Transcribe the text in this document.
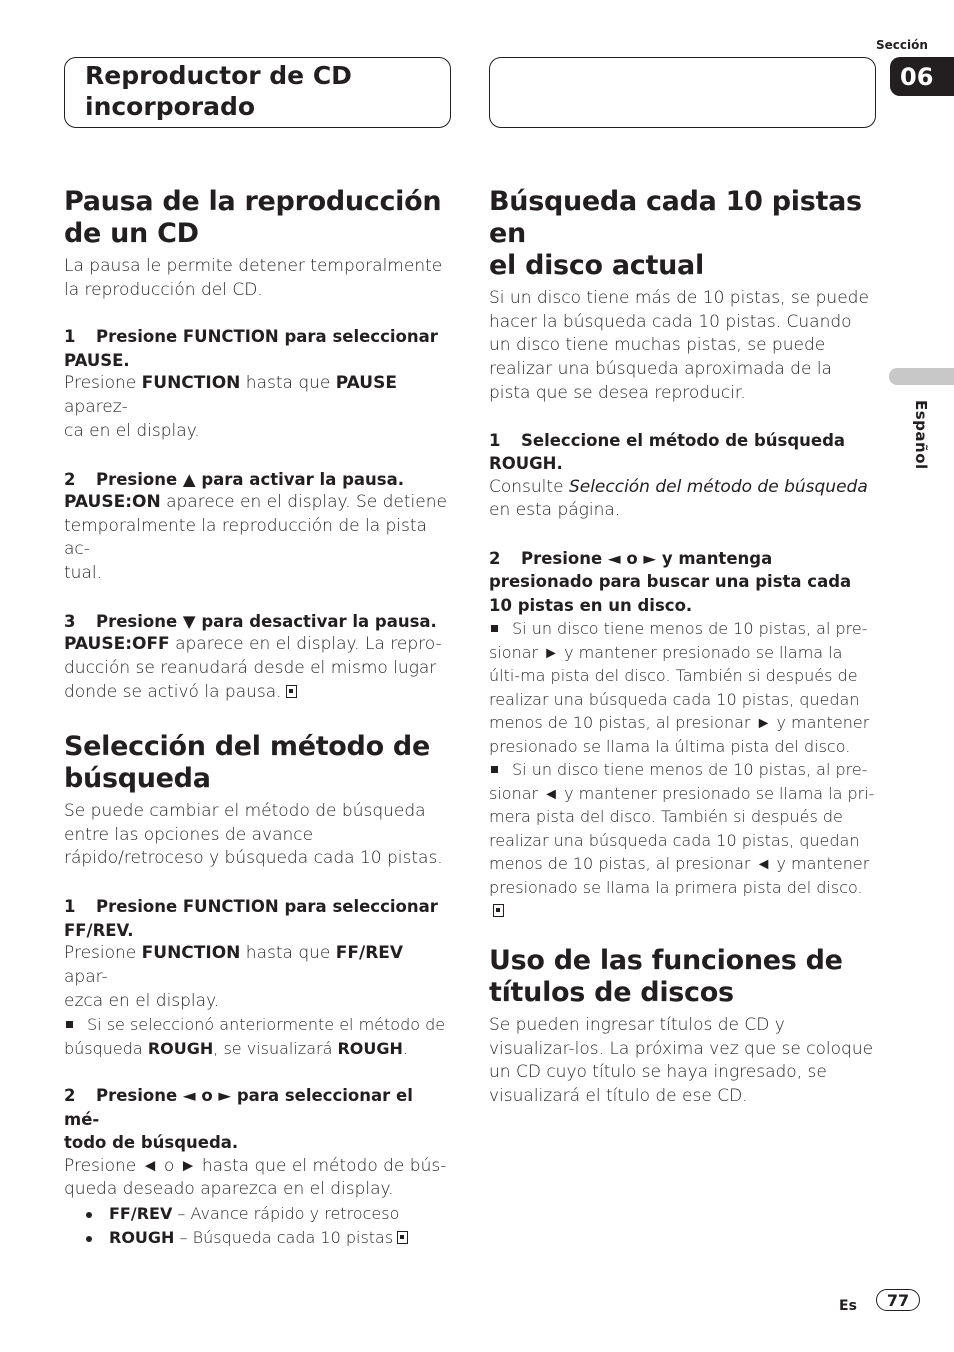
Sección
06
Reproductor de CD
incorporado
Español
Pausa de la reproducción
de un CD

La pausa le permite detener temporalmente la reproducción del CD.

1 Presione FUNCTION para seleccionar
PAUSE.

Presione FUNCTION hasta que PAUSE aparez-
ca en el display.

2 Presione ▲ para activar la pausa.

PAUSE:ON aparece en el display. Se detiene temporalmente la reproducción de la pista ac-
tual.

3 Presione ▼ para desactivar la pausa.

PAUSE:OFF aparece en el display. La repro-
ducción se reanudará desde el mismo lugar donde se activó la pausa.

Selección del método de
búsqueda

Se puede cambiar el método de búsqueda entre las opciones de avance rápido/retroceso y búsqueda cada 10 pistas.

1 Presione FUNCTION para seleccionar
FF/REV.

Presione FUNCTION hasta que FF/REV apar-
ezca en el display.

Si se seleccionó anteriormente el método de búsqueda ROUGH, se visualizará ROUGH.

2 Presione ◄ o ► para seleccionar el mé-
todo de búsqueda.

Presione ◄ o ► hasta que el método de bús-queda deseado aparezca en el display.

FF/REV – Avance rápido y retroceso
ROUGH – Búsqueda cada 10 pistas
Búsqueda cada 10 pistas en
el disco actual

Si un disco tiene más de 10 pistas, se puede hacer la búsqueda cada 10 pistas. Cuando un disco tiene muchas pistas, se puede realizar una búsqueda aproximada de la pista que se desea reproducir.

1 Seleccione el método de búsqueda
ROUGH.

Consulte Selección del método de búsqueda en esta página.

2 Presione ◄ o ► y mantenga presionado para buscar una pista cada 10 pistas en un disco.

Si un disco tiene menos de 10 pistas, al pre-sionar ► y mantener presionado se llama la últi-ma pista del disco. También si después de realizar una búsqueda cada 10 pistas, quedan menos de 10 pistas, al presionar ► y mantener presionado se llama la última pista del disco.

Si un disco tiene menos de 10 pistas, al pre-sionar ◄ y mantener presionado se llama la pri-mera pista del disco. También si después de realizar una búsqueda cada 10 pistas, quedan menos de 10 pistas, al presionar ◄ y mantener presionado se llama la primera pista del disco.

Uso de las funciones de
títulos de discos

Se pueden ingresar títulos de CD y visualizar-los. La próxima vez que se coloque un CD cuyo título se haya ingresado, se visualizará el título de ese CD.

Es	77
